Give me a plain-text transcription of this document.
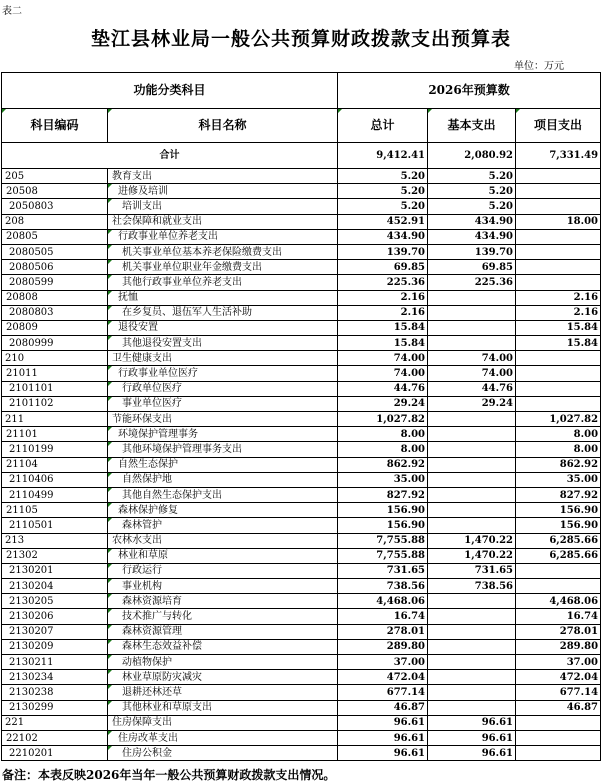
表二
垫江县林业局一般公共预算财政拨款支出预算表
单位：万元
功能分类科目		2026年预算数		

科目编码	科目名称	总计	基本支出	项目支出
合计		9,412.41	2,080.92	7,331.49
205	教育支出	5.20	5.20	
20508	进修及培训	5.20	5.20	
2050803	培训支出	5.20	5.20	
208	社会保障和就业支出	452.91	434.90	18.00
20805	行政事业单位养老支出	434.90	434.90	
2080505	机关事业单位基本养老保险缴费支出	139.70	139.70	
2080506	机关事业单位职业年金缴费支出	69.85	69.85	
2080599	其他行政事业单位养老支出	225.36	225.36	
20808	抚恤	2.16		2.16
2080803	在乡复员、退伍军人生活补助	2.16		2.16
20809	退役安置	15.84		15.84
2080999	其他退役安置支出	15.84		15.84
210	卫生健康支出	74.00	74.00	
21011	行政事业单位医疗	74.00	74.00	
2101101	行政单位医疗	44.76	44.76	
2101102	事业单位医疗	29.24	29.24	
211	节能环保支出	1,027.82		1,027.82
21101	环境保护管理事务	8.00		8.00
2110199	其他环境保护管理事务支出	8.00		8.00
21104	自然生态保护	862.92		862.92
2110406	自然保护地	35.00		35.00
2110499	其他自然生态保护支出	827.92		827.92
21105	森林保护修复	156.90		156.90
2110501	森林管护	156.90		156.90
213	农林水支出	7,755.88	1,470.22	6,285.66
21302	林业和草原	7,755.88	1,470.22	6,285.66
2130201	行政运行	731.65	731.65	
2130204	事业机构	738.56	738.56	
2130205	森林资源培育	4,468.06		4,468.06
2130206	技术推广与转化	16.74		16.74
2130207	森林资源管理	278.01		278.01
2130209	森林生态效益补偿	289.80		289.80
2130211	动植物保护	37.00		37.00
2130234	林业草原防灾减灾	472.04		472.04
2130238	退耕还林还草	677.14		677.14
2130299	其他林业和草原支出	46.87		46.87
221	住房保障支出	96.61	96.61	
22102	住房改革支出	96.61	96.61	
2210201	住房公积金	96.61	96.61	
备注：本表反映2026年当年一般公共预算财政拨款支出情况。
